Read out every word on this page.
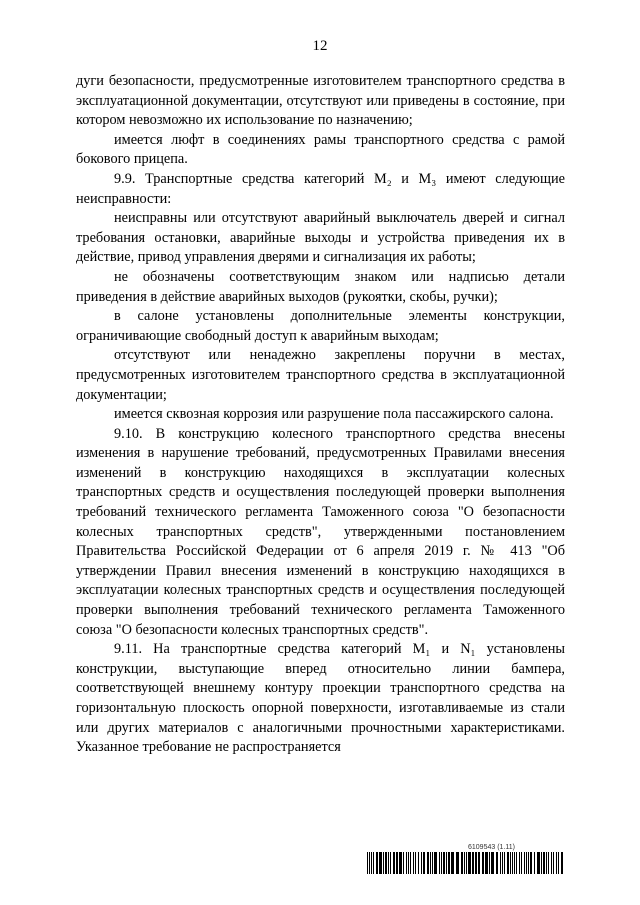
12

дуги безопасности, предусмотренные изготовителем транспортного средства в эксплуатационной документации, отсутствуют или приведены в состояние, при котором невозможно их использование по назначению;

имеется люфт в соединениях рамы транспортного средства с рамой бокового прицепа.

9.9. Транспортные средства категорий M₂ и M₃ имеют следующие неисправности:

неисправны или отсутствуют аварийный выключатель дверей и сигнал требования остановки, аварийные выходы и устройства приведения их в действие, привод управления дверями и сигнализация их работы;

не обозначены соответствующим знаком или надписью детали приведения в действие аварийных выходов (рукоятки, скобы, ручки);

в салоне установлены дополнительные элементы конструкции, ограничивающие свободный доступ к аварийным выходам;

отсутствуют или ненадежно закреплены поручни в местах, предусмотренных изготовителем транспортного средства в эксплуатационной документации;

имеется сквозная коррозия или разрушение пола пассажирского салона.

9.10. В конструкцию колесного транспортного средства внесены изменения в нарушение требований, предусмотренных Правилами внесения изменений в конструкцию находящихся в эксплуатации колесных транспортных средств и осуществления последующей проверки выполнения требований технического регламента Таможенного союза "О безопасности колесных транспортных средств", утвержденными постановлением Правительства Российской Федерации от 6 апреля 2019 г. № 413 "Об утверждении Правил внесения изменений в конструкцию находящихся в эксплуатации колесных транспортных средств и осуществления последующей проверки выполнения требований технического регламента Таможенного союза "О безопасности колесных транспортных средств".

9.11. На транспортные средства категорий M₁ и N₁ установлены конструкции, выступающие вперед относительно линии бампера, соответствующей внешнему контуру проекции транспортного средства на горизонтальную плоскость опорной поверхности, изготавливаемые из стали или других материалов с аналогичными прочностными характеристиками. Указанное требование не распространяется

6109543 (1.11)
